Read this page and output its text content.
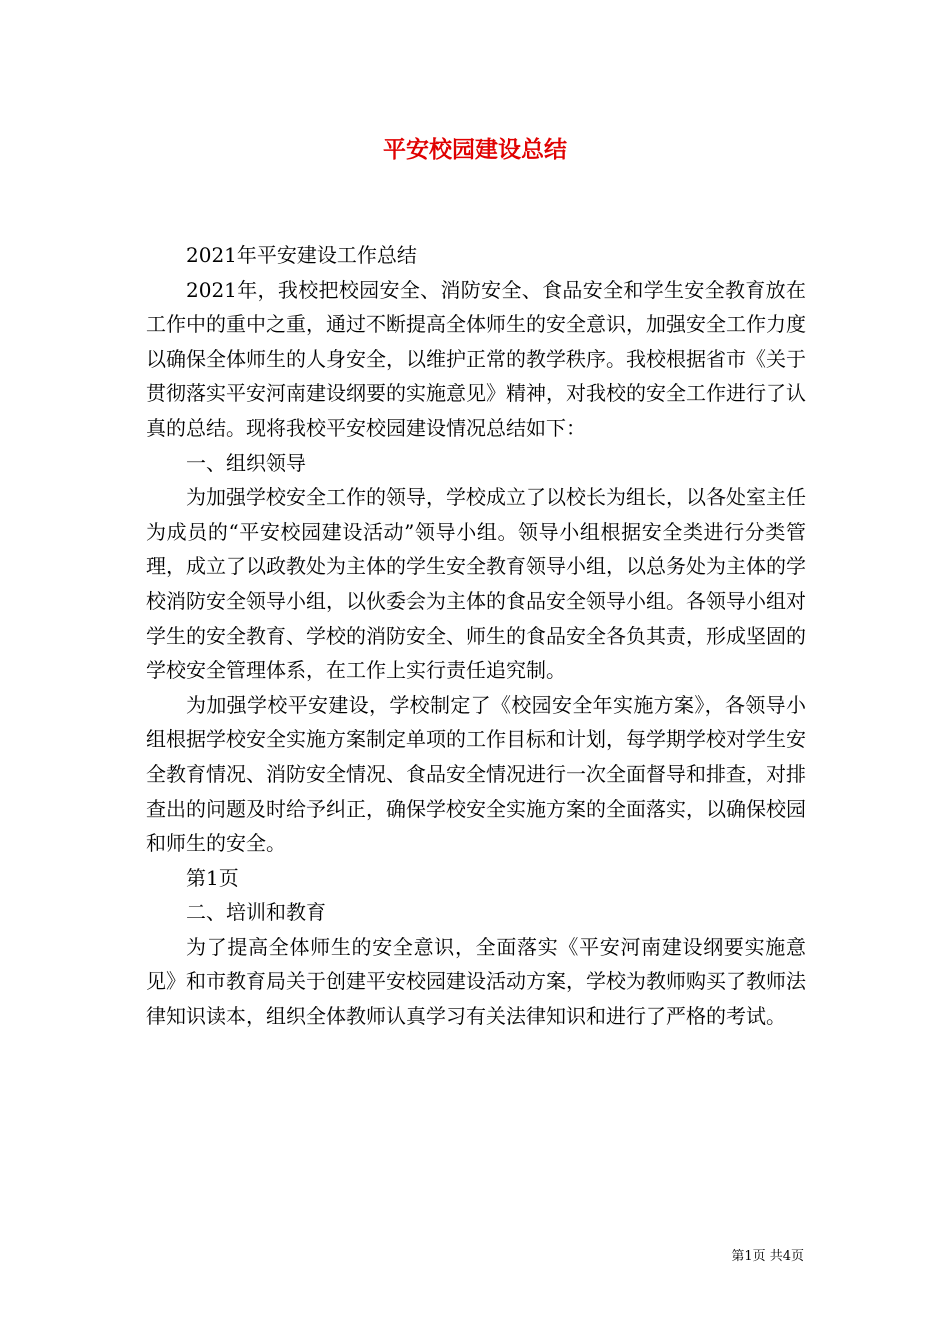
平安校园建设总结

2021年平安建设工作总结

2021年，我校把校园安全、消防安全、食品安全和学生安全教育放在工作中的重中之重，通过不断提高全体师生的安全意识，加强安全工作力度以确保全体师生的人身安全，以维护正常的教学秩序。我校根据省市《关于贯彻落实平安河南建设纲要的实施意见》精神，对我校的安全工作进行了认真的总结。现将我校平安校园建设情况总结如下：

一、组织领导

为加强学校安全工作的领导，学校成立了以校长为组长，以各处室主任为成员的“平安校园建设活动”领导小组。领导小组根据安全类进行分类管理，成立了以政教处为主体的学生安全教育领导小组，以总务处为主体的学校消防安全领导小组，以伙委会为主体的食品安全领导小组。各领导小组对学生的安全教育、学校的消防安全、师生的食品安全各负其责，形成坚固的学校安全管理体系，在工作上实行责任追究制。

为加强学校平安建设，学校制定了《校园安全年实施方案》，各领导小组根据学校安全实施方案制定单项的工作目标和计划，每学期学校对学生安全教育情况、消防安全情况、食品安全情况进行一次全面督导和排查，对排查出的问题及时给予纠正，确保学校安全实施方案的全面落实，以确保校园和师生的安全。

第1页

二、培训和教育

为了提高全体师生的安全意识，全面落实《平安河南建设纲要实施意见》和市教育局关于创建平安校园建设活动方案，学校为教师购买了教师法律知识读本，组织全体教师认真学习有关法律知识和进行了严格的考试。

第1页 共4页
